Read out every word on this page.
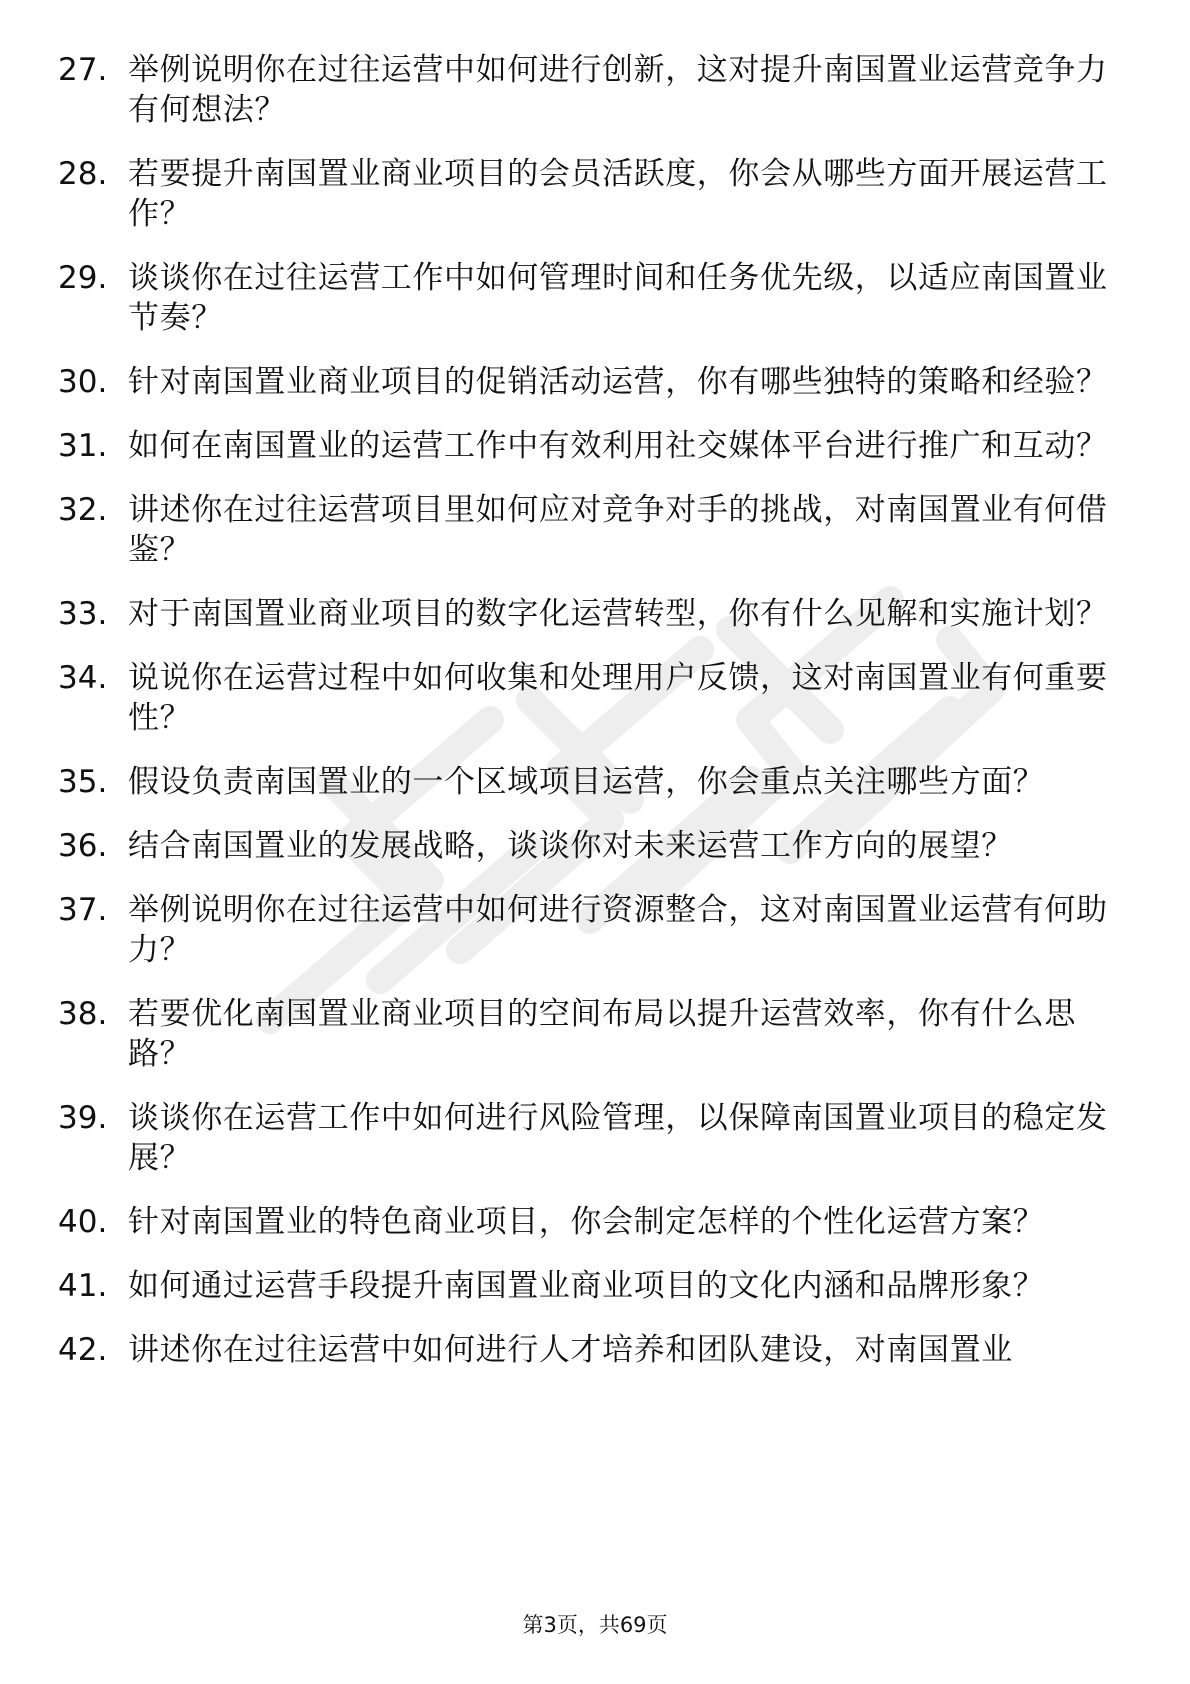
27. 举例说明你在过往运营中如何进行创新，这对提升南国置业运营竞争力有何想法？
28. 若要提升南国置业商业项目的会员活跃度，你会从哪些方面开展运营工作？
29. 谈谈你在过往运营工作中如何管理时间和任务优先级，以适应南国置业节奏？
30. 针对南国置业商业项目的促销活动运营，你有哪些独特的策略和经验？
31. 如何在南国置业的运营工作中有效利用社交媒体平台进行推广和互动？
32. 讲述你在过往运营项目里如何应对竞争对手的挑战，对南国置业有何借鉴？
33. 对于南国置业商业项目的数字化运营转型，你有什么见解和实施计划？
34. 说说你在运营过程中如何收集和处理用户反馈，这对南国置业有何重要性？
35. 假设负责南国置业的一个区域项目运营，你会重点关注哪些方面？
36. 结合南国置业的发展战略，谈谈你对未来运营工作方向的展望？
37. 举例说明你在过往运营中如何进行资源整合，这对南国置业运营有何助力？
38. 若要优化南国置业商业项目的空间布局以提升运营效率，你有什么思路？
39. 谈谈你在运营工作中如何进行风险管理，以保障南国置业项目的稳定发展？
40. 针对南国置业的特色商业项目，你会制定怎样的个性化运营方案？
41. 如何通过运营手段提升南国置业商业项目的文化内涵和品牌形象？
42. 讲述你在过往运营中如何进行人才培养和团队建设，对南国置业
第3页，共69页
